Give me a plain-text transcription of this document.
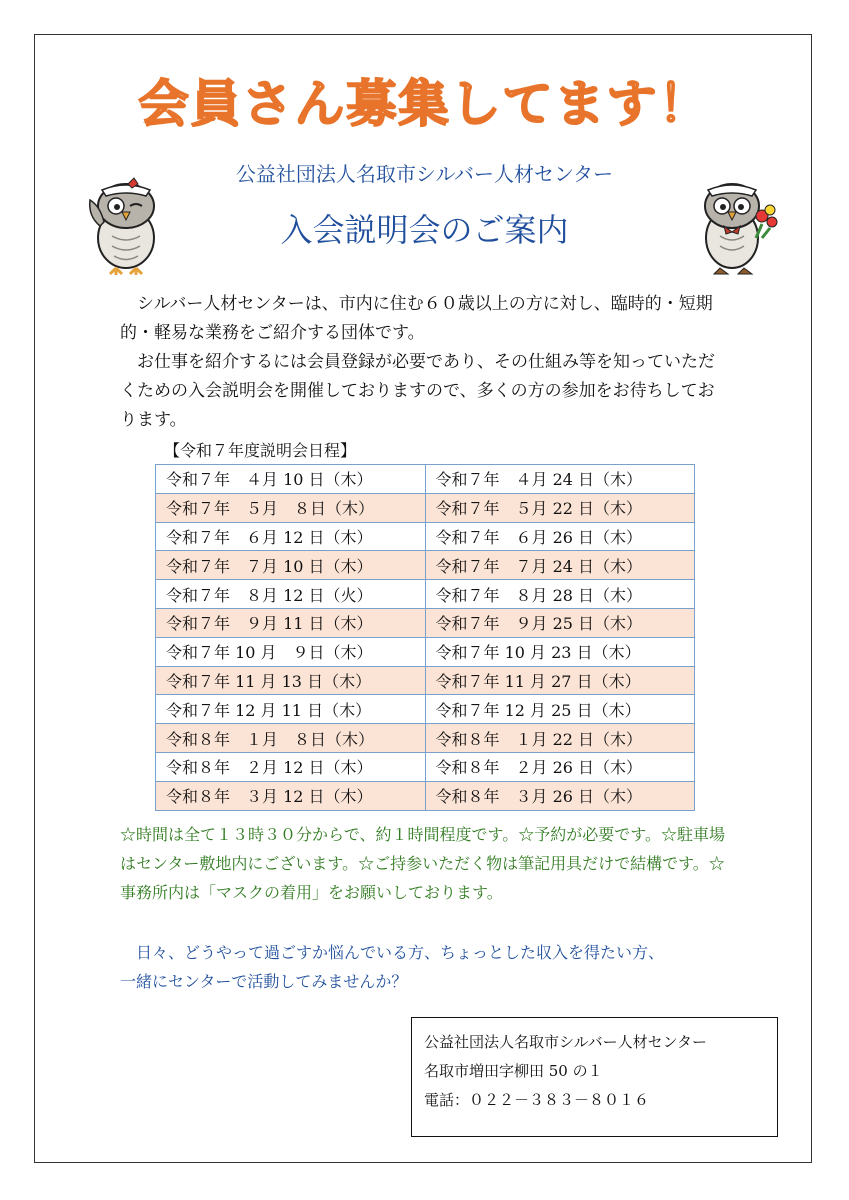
会員さん募集してます！
公益社団法人名取市シルバー人材センター
入会説明会のご案内

シルバー人材センターは、市内に住む６０歳以上の方に対し、臨時的・短期的・軽易な業務をご紹介する団体です。

お仕事を紹介するには会員登録が必要であり、その仕組み等を知っていただくための入会説明会を開催しておりますので、多くの方の参加をお待ちしております。

【令和７年度説明会日程】
令和７年　４月 10 日（木）	令和７年　４月 24 日（木）
令和７年　５月　８日（木）	令和７年　５月 22 日（木）
令和７年　６月 12 日（木）	令和７年　６月 26 日（木）
令和７年　７月 10 日（木）	令和７年　７月 24 日（木）
令和７年　８月 12 日（火）	令和７年　８月 28 日（木）
令和７年　９月 11 日（木）	令和７年　９月 25 日（木）
令和７年 10 月　９日（木）	令和７年 10 月 23 日（木）
令和７年 11 月 13 日（木）	令和７年 11 月 27 日（木）
令和７年 12 月 11 日（木）	令和７年 12 月 25 日（木）
令和８年　１月　８日（木）	令和８年　１月 22 日（木）
令和８年　２月 12 日（木）	令和８年　２月 26 日（木）
令和８年　３月 12 日（木）	令和８年　３月 26 日（木）

☆時間は全て１３時３０分からで、約１時間程度です。☆予約が必要です。☆駐車場はセンター敷地内にございます。☆ご持参いただく物は筆記用具だけで結構です。☆事務所内は「マスクの着用」をお願いしております。

日々、どうやって過ごすか悩んでいる方、ちょっとした収入を得たい方、
一緒にセンターで活動してみませんか？
公益社団法人名取市シルバー人材センター
名取市増田字柳田 50 の１
電話：０２２－３８３－８０１６
